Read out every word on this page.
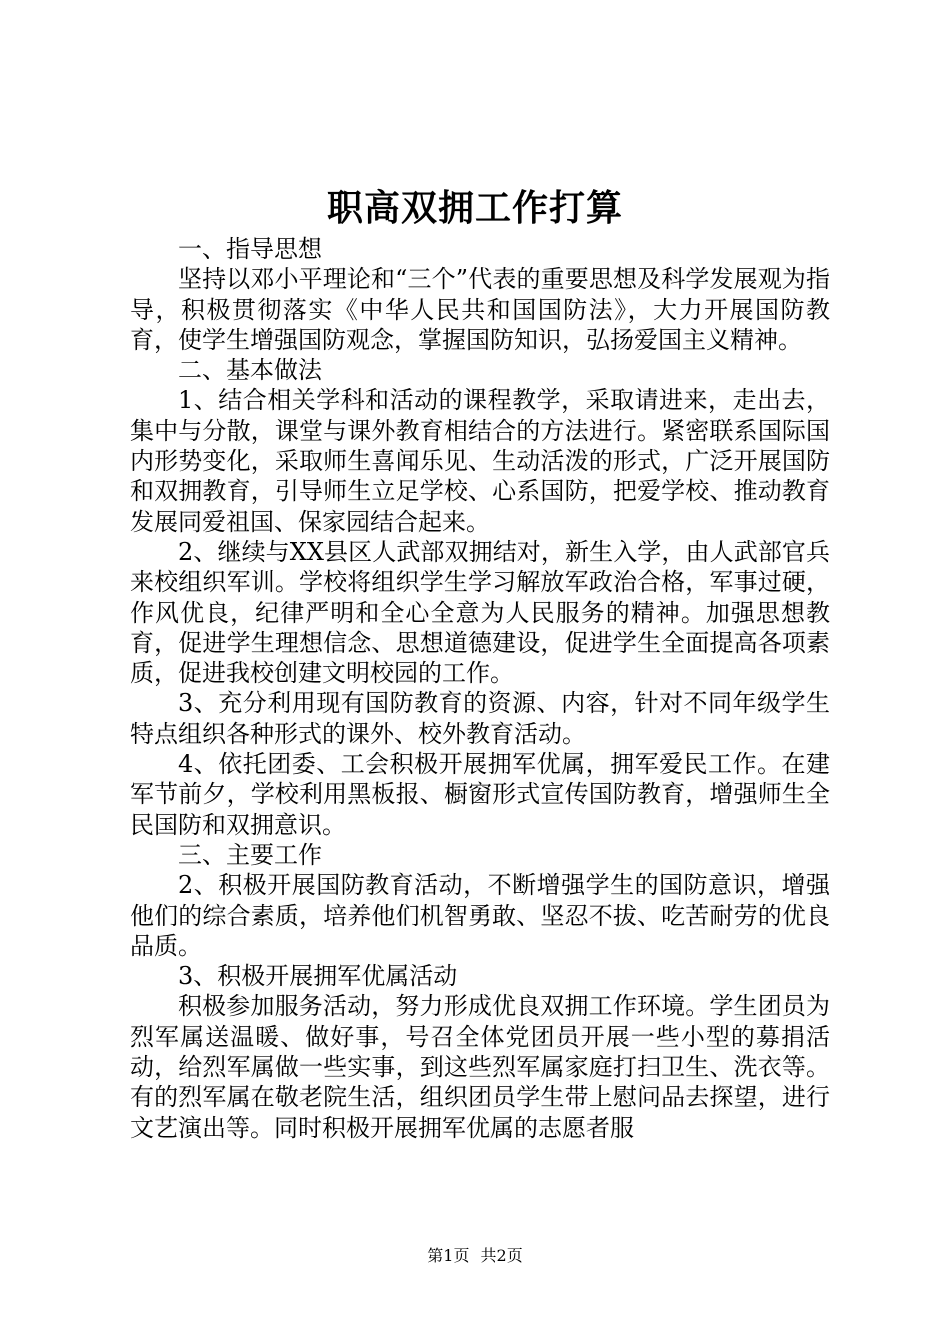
职高双拥工作打算

一、指导思想

坚持以邓小平理论和“三个”代表的重要思想及科学发展观为指导，积极贯彻落实《中华人民共和国国防法》，大力开展国防教育，使学生增强国防观念，掌握国防知识，弘扬爱国主义精神。

二、基本做法

1、结合相关学科和活动的课程教学，采取请进来，走出去，集中与分散，课堂与课外教育相结合的方法进行。紧密联系国际国内形势变化，采取师生喜闻乐见、生动活泼的形式，广泛开展国防和双拥教育，引导师生立足学校、心系国防，把爱学校、推动教育发展同爱祖国、保家园结合起来。

2、继续与XX县区人武部双拥结对，新生入学，由人武部官兵来校组织军训。学校将组织学生学习解放军政治合格，军事过硬，作风优良，纪律严明和全心全意为人民服务的精神。加强思想教育，促进学生理想信念、思想道德建设，促进学生全面提高各项素质，促进我校创建文明校园的工作。

3、充分利用现有国防教育的资源、内容，针对不同年级学生特点组织各种形式的课外、校外教育活动。

4、依托团委、工会积极开展拥军优属，拥军爱民工作。在建军节前夕，学校利用黑板报、橱窗形式宣传国防教育，增强师生全民国防和双拥意识。

三、主要工作

2、积极开展国防教育活动，不断增强学生的国防意识，增强他们的综合素质，培养他们机智勇敢、坚忍不拔、吃苦耐劳的优良品质。

3、积极开展拥军优属活动

积极参加服务活动，努力形成优良双拥工作环境。学生团员为烈军属送温暖、做好事，号召全体党团员开展一些小型的募捐活动，给烈军属做一些实事，到这些烈军属家庭打扫卫生、洗衣等。有的烈军属在敬老院生活，组织团员学生带上慰问品去探望，进行文艺演出等。同时积极开展拥军优属的志愿者服

第1页 共2页
